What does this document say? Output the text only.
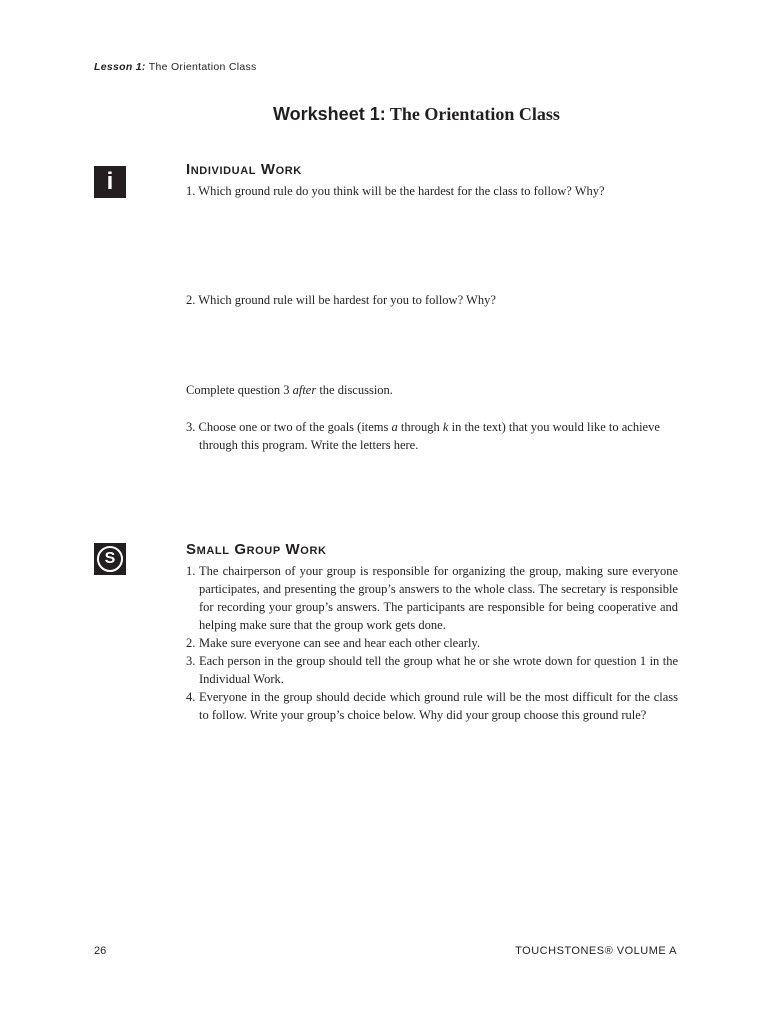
Lesson 1: The Orientation Class
Worksheet 1: The Orientation Class
i	Individual Work
1. Which ground rule do you think will be the hardest for the class to follow? Why?
2. Which ground rule will be hardest for you to follow? Why?
Complete question 3 after the discussion.
3. Choose one or two of the goals (items a through k in the text) that you would like to achieve through this program. Write the letters here.
S
Small Group Work
1. The chairperson of your group is responsible for organizing the group, making sure everyone participates, and presenting the group’s answers to the whole class. The secretary is responsible for recording your group’s answers. The participants are responsible for being cooperative and helping make sure that the group work gets done.
2. Make sure everyone can see and hear each other clearly.
3. Each person in the group should tell the group what he or she wrote down for question 1 in the Individual Work.
4. Everyone in the group should decide which ground rule will be the most difficult for the class to follow. Write your group’s choice below. Why did your group choose this ground rule?
26	TOUCHSTONES® VOLUME A
